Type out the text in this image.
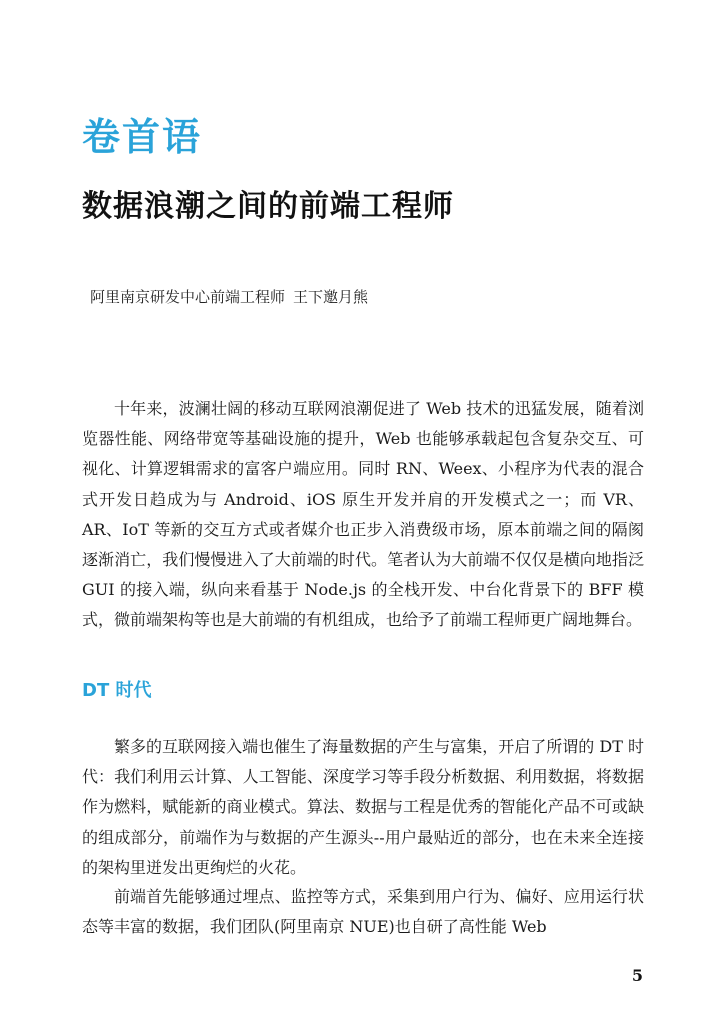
卷首语
数据浪潮之间的前端工程师
阿里南京研发中心前端工程师 王下邀月熊

十年来，波澜壮阔的移动互联网浪潮促进了 Web 技术的迅猛发展，随着浏览器性能、网络带宽等基础设施的提升，Web 也能够承载起包含复杂交互、可视化、计算逻辑需求的富客户端应用。同时 RN、Weex、小程序为代表的混合式开发日趋成为与 Android、iOS 原生开发并肩的开发模式之一；而 VR、AR、IoT 等新的交互方式或者媒介也正步入消费级市场，原本前端之间的隔阂逐渐消亡，我们慢慢进入了大前端的时代。笔者认为大前端不仅仅是横向地指泛 GUI 的接入端，纵向来看基于 Node.js 的全栈开发、中台化背景下的 BFF 模式，微前端架构等也是大前端的有机组成，也给予了前端工程师更广阔地舞台。

DT 时代

繁多的互联网接入端也催生了海量数据的产生与富集，开启了所谓的 DT 时代：我们利用云计算、人工智能、深度学习等手段分析数据、利用数据，将数据作为燃料，赋能新的商业模式。算法、数据与工程是优秀的智能化产品不可或缺的组成部分，前端作为与数据的产生源头--用户最贴近的部分，也在未来全连接的架构里迸发出更绚烂的火花。

前端首先能够通过埋点、监控等方式，采集到用户行为、偏好、应用运行状态等丰富的数据，我们团队(阿里南京 NUE)也自研了高性能 Web

5
